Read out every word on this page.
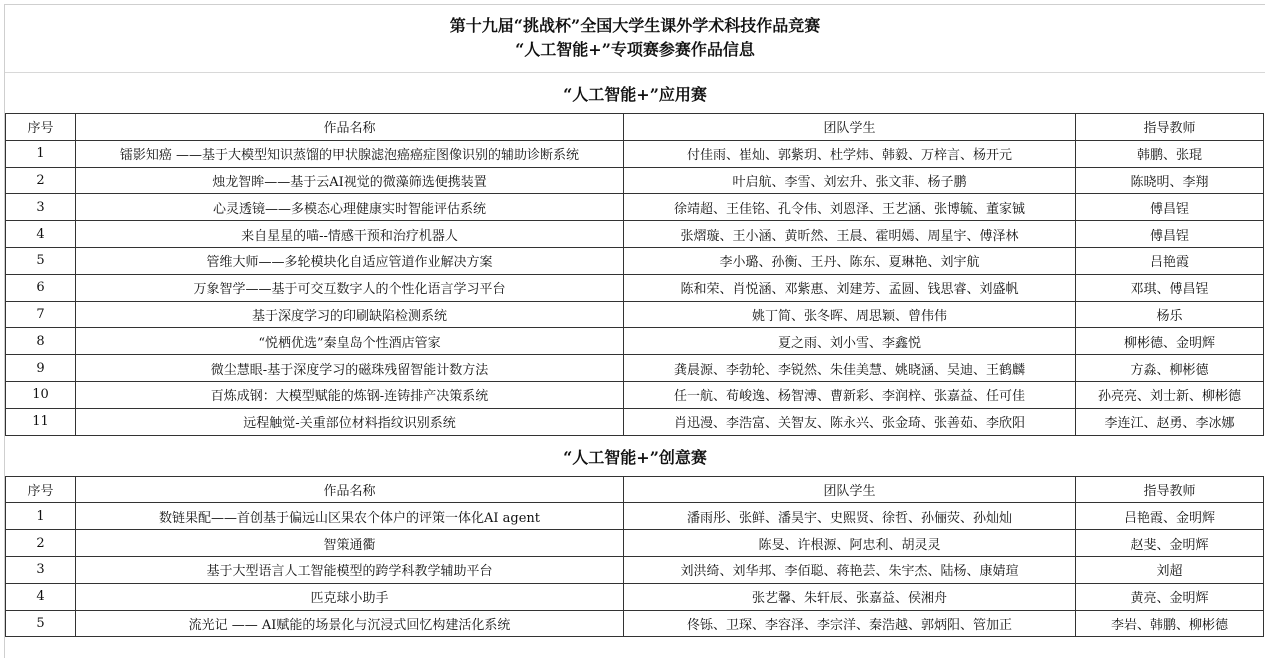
第十九届“挑战杯”全国大学生课外学术科技作品竞赛
“人工智能+”专项赛参赛作品信息
“人工智能+”应用赛
序号	作品名称	团队学生	指导教师
1	镭影知癌 ——基于大模型知识蒸馏的甲状腺滤泡癌癌症图像识别的辅助诊断系统	付佳雨、崔灿、郭紫玥、杜学炜、韩毅、万梓言、杨开元	韩鹏、张琨
2	烛龙智眸——基于云AI视觉的微藻筛选便携装置	叶启航、李雪、刘宏升、张文菲、杨子鹏	陈晓明、李翔
3	心灵透镜——多模态心理健康实时智能评估系统	徐靖超、王佳铭、孔令伟、刘恩泽、王艺涵、张博毓、董家铖	傅昌锃
4	来自星星的喵--情感干预和治疗机器人	张熠璇、王小涵、黄昕然、王晨、霍明嫣、周星宇、傅泽林	傅昌锃
5	管维大师——多轮模块化自适应管道作业解决方案	李小璐、孙衡、王丹、陈东、夏琳艳、刘宇航	吕艳霞
6	万象智学——基于可交互数字人的个性化语言学习平台	陈和荣、肖悦涵、邓紫惠、刘建芳、孟圆、钱思睿、刘盛帆	邓琪、傅昌锃
7	基于深度学习的印刷缺陷检测系统	姚丁简、张冬晖、周思颖、曾伟伟	杨乐
8	“悦栖优选”秦皇岛个性酒店管家	夏之雨、刘小雪、李鑫悦	柳彬德、金明辉
9	微尘慧眼-基于深度学习的磁珠残留智能计数方法	龚晨源、李勃轮、李锐然、朱佳美慧、姚晓涵、吴迪、王鹤麟	方淼、柳彬德
10	百炼成钢：大模型赋能的炼钢-连铸排产决策系统	任一航、荀峻逸、杨智溥、曹新彩、李润梓、张嘉益、任可佳	孙亮亮、刘士新、柳彬德
11	远程触觉-关重部位材料指纹识别系统	肖迅漫、李浩富、关智友、陈永兴、张金琦、张善茹、李欣阳	李连江、赵勇、李冰娜
“人工智能+”创意赛
序号	作品名称	团队学生	指导教师
1	数链果配——首创基于偏远山区果农个体户的评策一体化AI agent	潘雨彤、张鲜、潘昊宇、史熙贤、徐哲、孙俪荧、孙灿灿	吕艳霞、金明辉
2	智策通衢	陈旻、许根源、阿忠利、胡灵灵	赵斐、金明辉
3	基于大型语言人工智能模型的跨学科教学辅助平台	刘洪绮、刘华邦、李佰聪、蒋艳芸、朱宇杰、陆杨、康婧瑄	刘超
4	匹克球小助手	张艺馨、朱轩辰、张嘉益、侯湘舟	黄亮、金明辉
5	流光记 —— AI赋能的场景化与沉浸式回忆构建活化系统	佟铄、卫琛、李容泽、李宗洋、秦浩越、郭炳阳、管加正	李岩、韩鹏、柳彬德
